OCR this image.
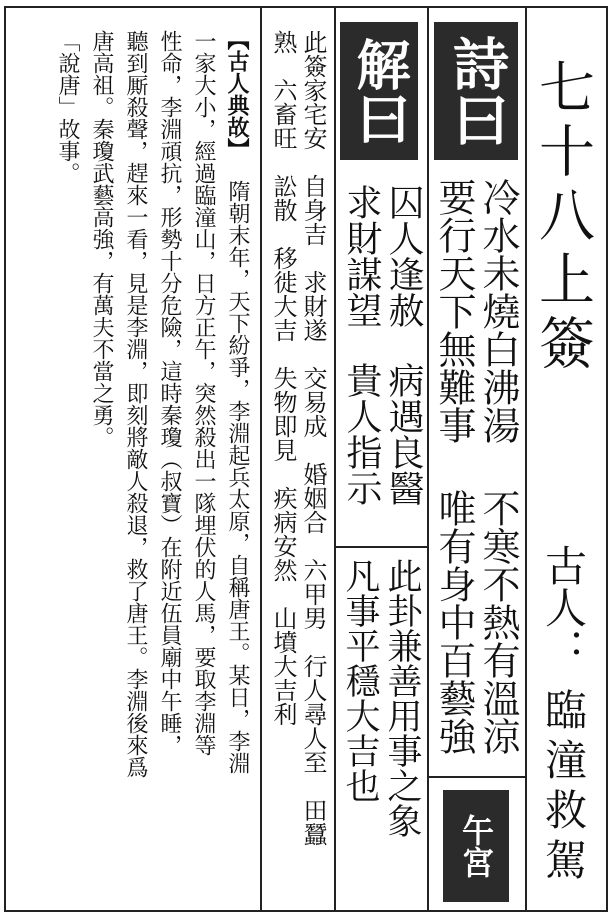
七十八上簽
古人：
臨潼救駕
詩曰
冷水未燒白沸湯
不寒不熱有溫涼
要行天下無難事
唯有身中百藝強
午宮
解曰
囚人逢赦
病遇良醫
求財謀望
貴人指示
此卦兼善用事之象
凡事平穩大吉也
此簽家宅安　自身吉　求財遂　交易成　婚姻合　六甲男　行人尋人至　田蠶
熟　六畜旺　訟散　移徙大吉　失物即見　疾病安然　山墳大吉利
【古人典故】
隋朝末年，天下紛爭，李淵起兵太原，自稱唐王。某日，李淵
一家大小，經過臨潼山，日方正午，突然殺出一隊埋伏的人馬，要取李淵等
性命，李淵頑抗，形勢十分危險，這時秦瓊（叔寶）在附近伍員廟中午睡，
聽到厮殺聲，趕來一看，見是李淵，即刻將敵人殺退，救了唐王。李淵後來爲
唐高祖。秦瓊武藝高強，有萬夫不當之勇。
「說唐」故事。
